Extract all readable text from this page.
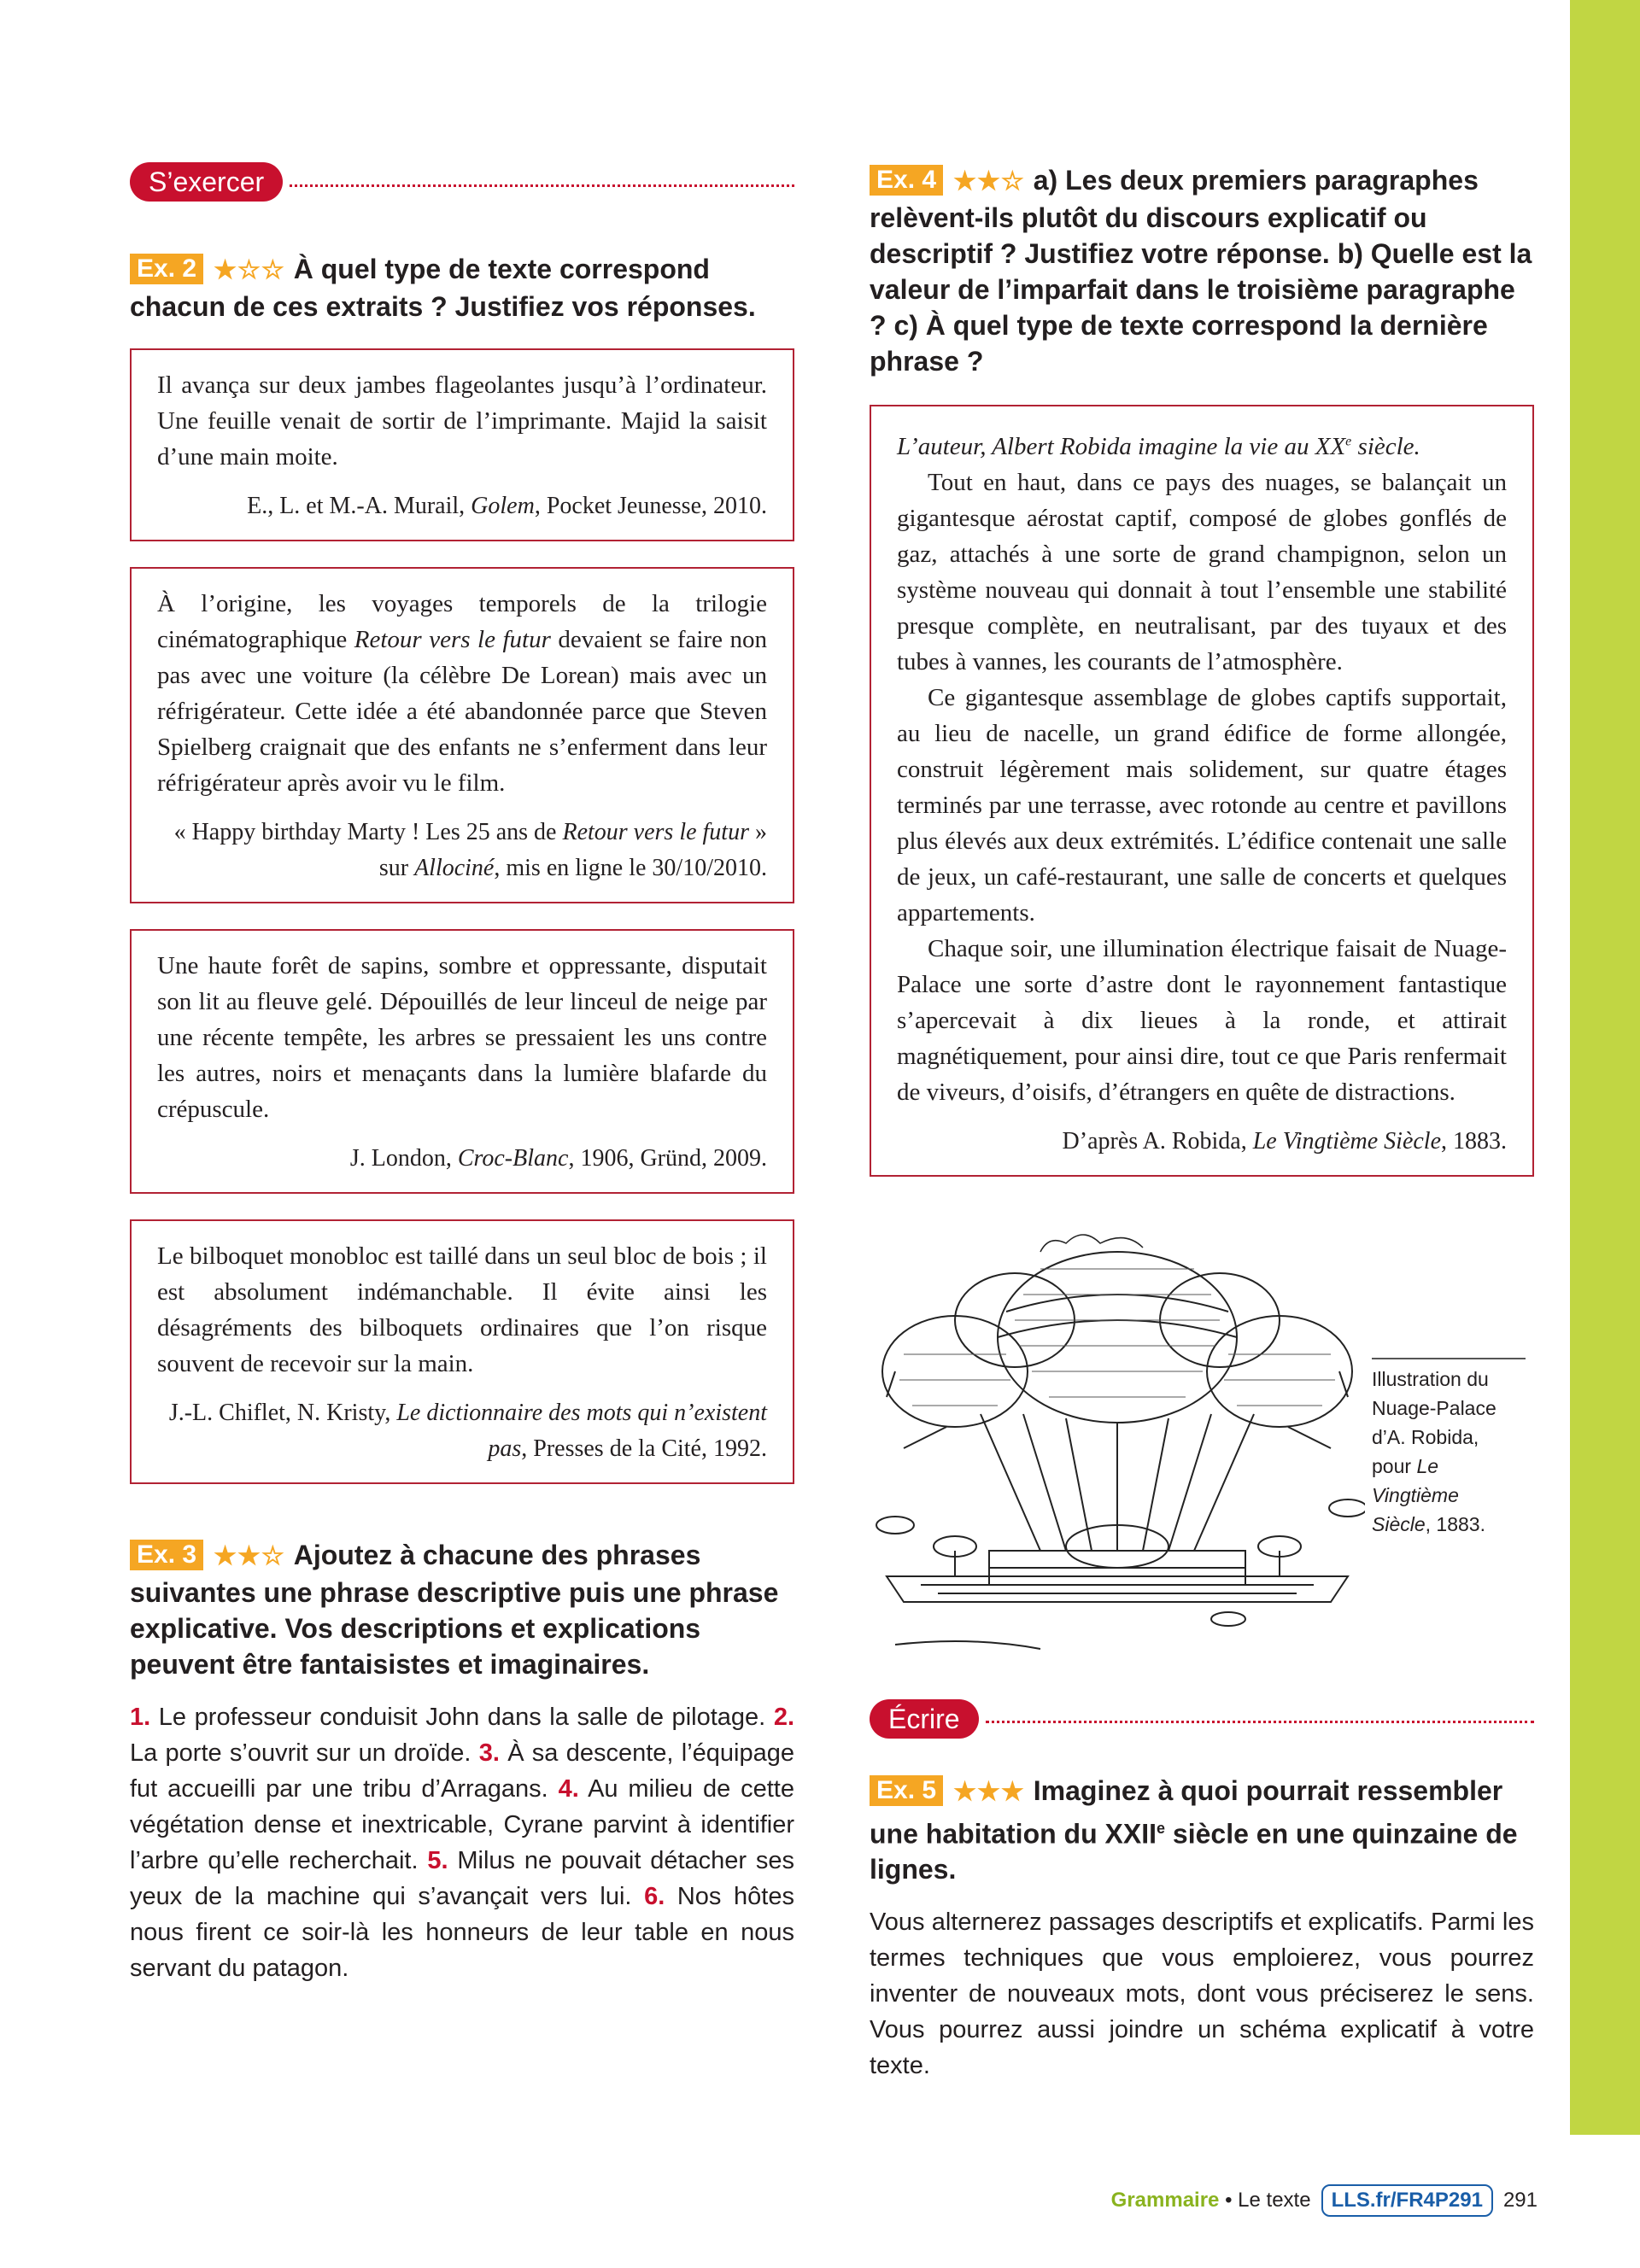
S’exercer
Ex. 2 ★☆☆ À quel type de texte correspond chacun de ces extraits ? Justifiez vos réponses.

Il avança sur deux jambes flageolantes jusqu’à l’ordinateur. Une feuille venait de sortir de l’imprimante. Majid la saisit d’une main moite.

E., L. et M.-A. Murail, Golem, Pocket Jeunesse, 2010.

À l’origine, les voyages temporels de la trilogie cinématographique Retour vers le futur devaient se faire non pas avec une voiture (la célèbre De Lorean) mais avec un réfrigérateur. Cette idée a été abandonnée parce que Steven Spielberg craignait que des enfants ne s’enferment dans leur réfrigérateur après avoir vu le film.

« Happy birthday Marty ! Les 25 ans de Retour vers le futur » sur Allociné, mis en ligne le 30/10/2010.

Une haute forêt de sapins, sombre et oppressante, disputait son lit au fleuve gelé. Dépouillés de leur linceul de neige par une récente tempête, les arbres se pressaient les uns contre les autres, noirs et menaçants dans la lumière blafarde du crépuscule.

J. London, Croc-Blanc, 1906, Gründ, 2009.

Le bilboquet monobloc est taillé dans un seul bloc de bois ; il est absolument indémanchable. Il évite ainsi les désagréments des bilboquets ordinaires que l’on risque souvent de recevoir sur la main.

J.-L. Chiflet, N. Kristy, Le dictionnaire des mots qui n’existent pas, Presses de la Cité, 1992.
Ex. 3 ★★☆ Ajoutez à chacune des phrases suivantes une phrase descriptive puis une phrase explicative. Vos descriptions et explications peuvent être fantaisistes et imaginaires.
1. Le professeur conduisit John dans la salle de pilotage. 2. La porte s’ouvrit sur un droïde. 3. À sa descente, l’équipage fut accueilli par une tribu d’Arragans. 4. Au milieu de cette végétation dense et inextricable, Cyrane parvint à identifier l’arbre qu’elle recherchait. 5. Milus ne pouvait détacher ses yeux de la machine qui s’avançait vers lui. 6. Nos hôtes nous firent ce soir-là les honneurs de leur table en nous servant du patagon.
Ex. 4 ★★☆ a) Les deux premiers paragraphes relèvent-ils plutôt du discours explicatif ou descriptif ? Justifiez votre réponse. b) Quelle est la valeur de l’imparfait dans le troisième paragraphe ? c) À quel type de texte correspond la dernière phrase ?

L’auteur, Albert Robida imagine la vie au XXe siècle.

Tout en haut, dans ce pays des nuages, se balançait un gigantesque aérostat captif, composé de globes gonflés de gaz, attachés à une sorte de grand champignon, selon un système nouveau qui donnait à tout l’ensemble une stabilité presque complète, en neutralisant, par des tuyaux et des tubes à vannes, les courants de l’atmosphère.

Ce gigantesque assemblage de globes captifs supportait, au lieu de nacelle, un grand édifice de forme allongée, construit légèrement mais solidement, sur quatre étages terminés par une terrasse, avec rotonde au centre et pavillons plus élevés aux deux extrémités. L’édifice contenait une salle de jeux, un café-restaurant, une salle de concerts et quelques appartements.

Chaque soir, une illumination électrique faisait de Nuage-Palace une sorte d’astre dont le rayonnement fantastique s’apercevait à dix lieues à la ronde, et attirait magnétiquement, pour ainsi dire, tout ce que Paris renfermait de viveurs, d’oisifs, d’étrangers en quête de distractions.

D’après A. Robida, Le Vingtième Siècle, 1883.
Écrire
Ex. 5 ★★★ Imaginez à quoi pourrait ressembler une habitation du XXIIe siècle en une quinzaine de lignes.
Vous alternerez passages descriptifs et explicatifs. Parmi les termes techniques que vous emploierez, vous pourrez inventer de nouveaux mots, dont vous préciserez le sens. Vous pourrez aussi joindre un schéma explicatif à votre texte.
Illustration du
Nuage-Palace
d’A. Robida,
pour Le
Vingtième
Siècle, 1883.
Grammaire • Le texte	LLS.fr/FR4P291	291
